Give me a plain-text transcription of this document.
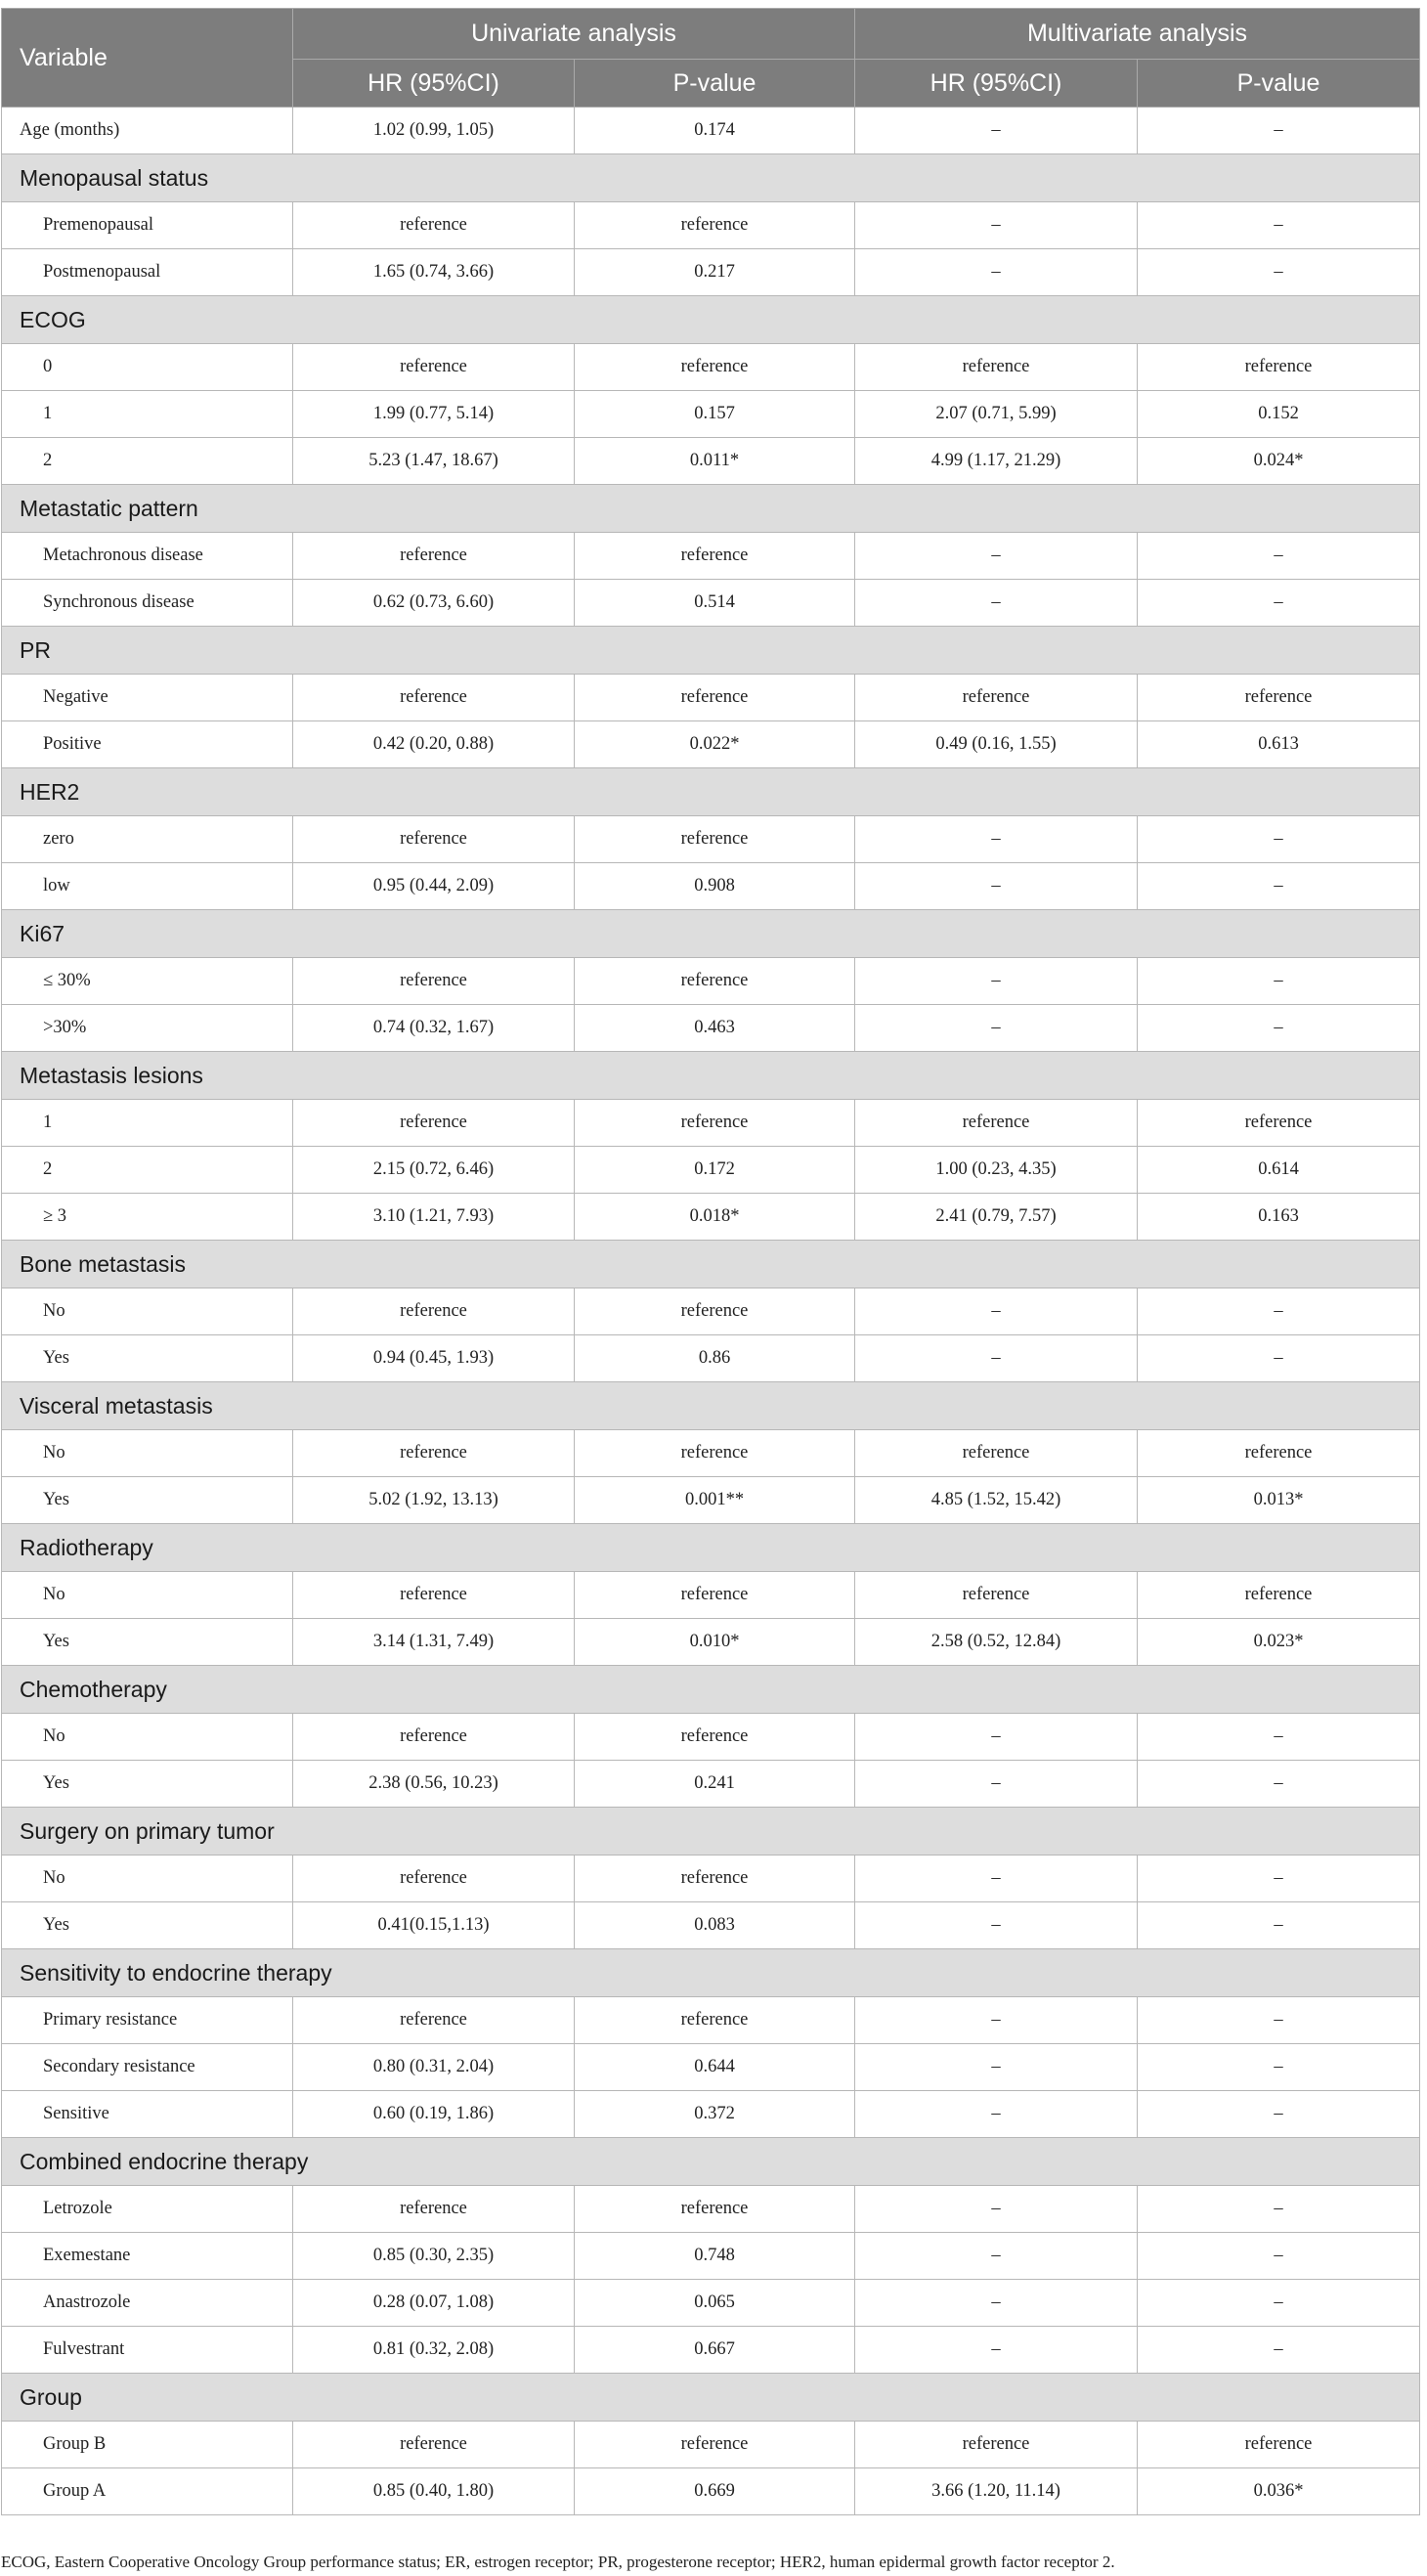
Variable	Univariate analysis		Multivariate analysis	
	HR (95%CI)	P-value	HR (95%CI)	P-value
Age (months)	1.02 (0.99, 1.05)	0.174	–	–
Menopausal status				
Premenopausal	reference	reference	–	–
Postmenopausal	1.65 (0.74, 3.66)	0.217	–	–
ECOG				
0	reference	reference	reference	reference
1	1.99 (0.77, 5.14)	0.157	2.07 (0.71, 5.99)	0.152
2	5.23 (1.47, 18.67)	0.011*	4.99 (1.17, 21.29)	0.024*
Metastatic pattern				
Metachronous disease	reference	reference	–	–
Synchronous disease	0.62 (0.73, 6.60)	0.514	–	–
PR				
Negative	reference	reference	reference	reference
Positive	0.42 (0.20, 0.88)	0.022*	0.49 (0.16, 1.55)	0.613
HER2				
zero	reference	reference	–	–
low	0.95 (0.44, 2.09)	0.908	–	–
Ki67				
≤ 30%	reference	reference	–	–
>30%	0.74 (0.32, 1.67)	0.463	–	–
Metastasis lesions				
1	reference	reference	reference	reference
2	2.15 (0.72, 6.46)	0.172	1.00 (0.23, 4.35)	0.614
≥ 3	3.10 (1.21, 7.93)	0.018*	2.41 (0.79, 7.57)	0.163
Bone metastasis				
No	reference	reference	–	–
Yes	0.94 (0.45, 1.93)	0.86	–	–
Visceral metastasis				
No	reference	reference	reference	reference
Yes	5.02 (1.92, 13.13)	0.001**	4.85 (1.52, 15.42)	0.013*
Radiotherapy				
No	reference	reference	reference	reference
Yes	3.14 (1.31, 7.49)	0.010*	2.58 (0.52, 12.84)	0.023*
Chemotherapy				
No	reference	reference	–	–
Yes	2.38 (0.56, 10.23)	0.241	–	–
Surgery on primary tumor				
No	reference	reference	–	–
Yes	0.41(0.15,1.13)	0.083	–	–
Sensitivity to endocrine therapy				
Primary resistance	reference	reference	–	–
Secondary resistance	0.80 (0.31, 2.04)	0.644	–	–
Sensitive	0.60 (0.19, 1.86)	0.372	–	–
Combined endocrine therapy				
Letrozole	reference	reference	–	–
Exemestane	0.85 (0.30, 2.35)	0.748	–	–
Anastrozole	0.28 (0.07, 1.08)	0.065	–	–
Fulvestrant	0.81 (0.32, 2.08)	0.667	–	–
Group				
Group B	reference	reference	reference	reference
Group A	0.85 (0.40, 1.80)	0.669	3.66 (1.20, 11.14)	0.036*
ECOG, Eastern Cooperative Oncology Group performance status; ER, estrogen receptor; PR, progesterone receptor; HER2, human epidermal growth factor receptor 2.
